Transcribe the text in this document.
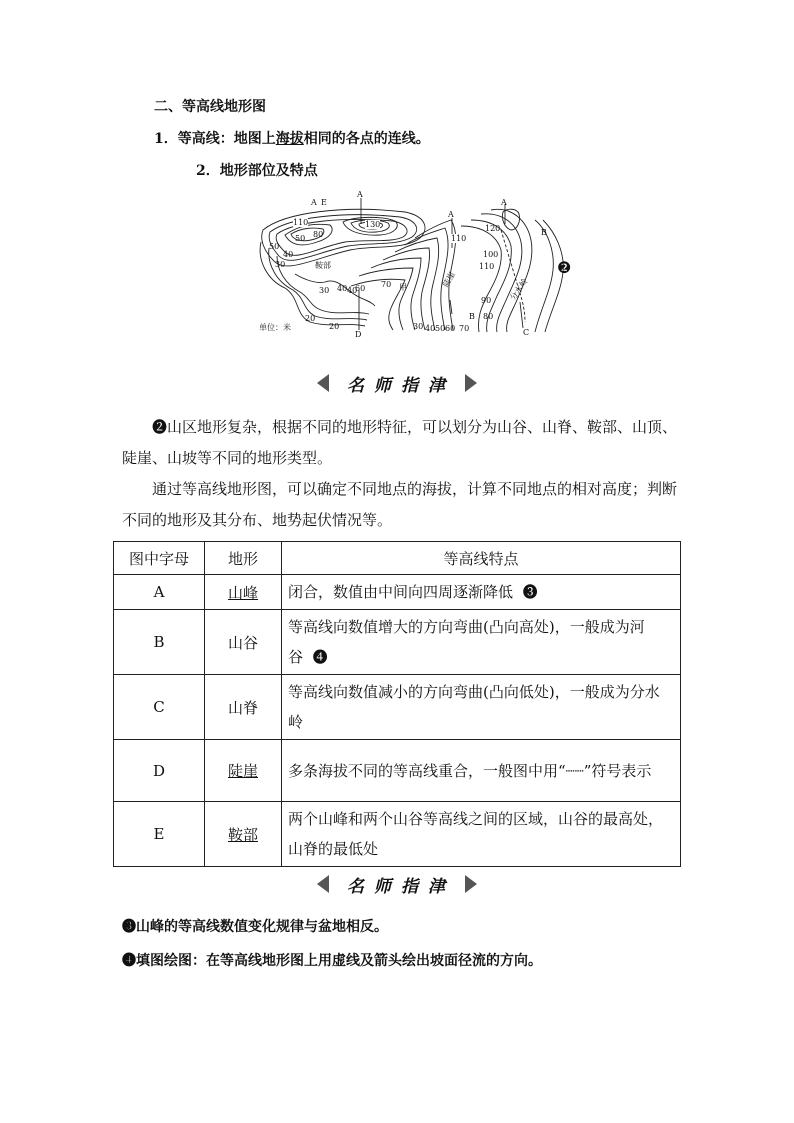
二、等高线地形图
1．等高线：地图上海拔相同的各点的连线。
2．地形部位及特点
A E
A
A
A
B
B
C
D
110	130
80
50
40
30
20
20
70
60
40
30
110
100
120
110
90
80
70
60
50
40
30
40
50
鞍部
甲	陡崖	分水岭
单位：米
❷
名师指津
❷山区地形复杂，根据不同的地形特征，可以划分为山谷、山脊、鞍部、山顶、陡崖、山坡等不同的地形类型。
通过等高线地形图，可以确定不同地点的海拔，计算不同地点的相对高度；判断不同的地形及其分布、地势起伏情况等。
图中字母	地形	等高线特点
A	山峰	闭合，数值由中间向四周逐渐降低 ❸
B	山谷	等高线向数值增大的方向弯曲(凸向高处)，一般成为河谷 ❹
C	山脊	等高线向数值减小的方向弯曲(凸向低处)，一般成为分水岭
D	陡崖	多条海拔不同的等高线重合，一般图中用“┈┈”符号表示
E	鞍部	两个山峰和两个山谷等高线之间的区域，山谷的最高处，山脊的最低处
名师指津
❸山峰的等高线数值变化规律与盆地相反。
❹填图绘图：在等高线地形图上用虚线及箭头绘出坡面径流的方向。
